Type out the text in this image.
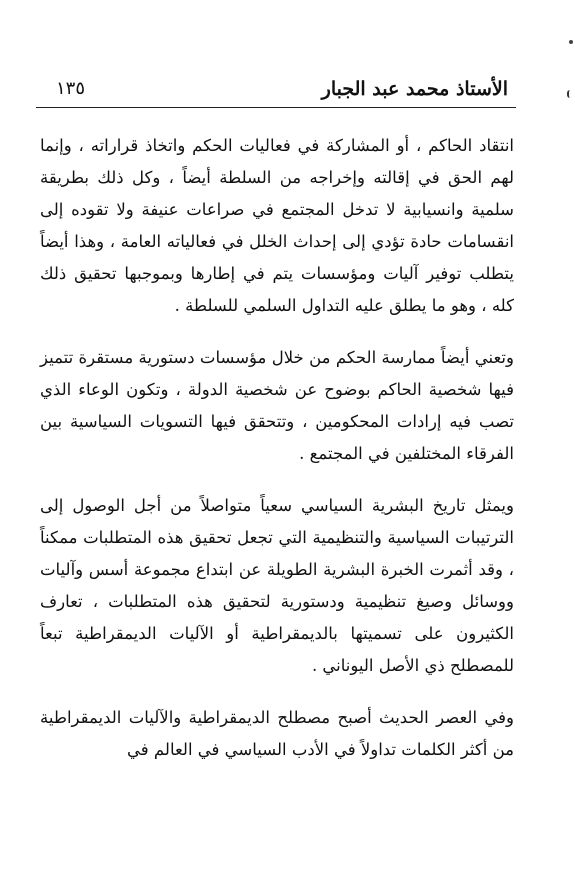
الأستاذ محمد عبد الجبار
١٣٥

انتقاد الحاكم ، أو المشاركة في فعاليات الحكم واتخاذ قراراته ، وإنما لهم الحق في إقالته وإخراجه من السلطة أيضاً ، وكل ذلك بطريقة سلمية وانسيابية لا تدخل المجتمع في صراعات عنيفة ولا تقوده إلى انقسامات حادة تؤدي إلى إحداث الخلل في فعالياته العامة ، وهذا أيضاً يتطلب توفير آليات ومؤسسات يتم في إطارها وبموجبها تحقيق ذلك كله ، وهو ما يطلق عليه التداول السلمي للسلطة .

وتعني أيضاً ممارسة الحكم من خلال مؤسسات دستورية مستقرة تتميز فيها شخصية الحاكم بوضوح عن شخصية الدولة ، وتكون الوعاء الذي تصب فيه إرادات المحكومين ، وتتحقق فيها التسويات السياسية بين الفرقاء المختلفين في المجتمع .

ويمثل تاريخ البشرية السياسي سعياً متواصلاً من أجل الوصول إلى الترتيبات السياسية والتنظيمية التي تجعل تحقيق هذه المتطلبات ممكناً ، وقد أثمرت الخبرة البشرية الطويلة عن ابتداع مجموعة أسس وآليات ووسائل وصيغ تنظيمية ودستورية لتحقيق هذه المتطلبات ، تعارف الكثيرون على تسميتها بالديمقراطية أو الآليات الديمقراطية تبعاً للمصطلح ذي الأصل اليوناني .

وفي العصر الحديث أصبح مصطلح الديمقراطية والآليات الديمقراطية من أكثر الكلمات تداولاً في الأدب السياسي في العالم في
